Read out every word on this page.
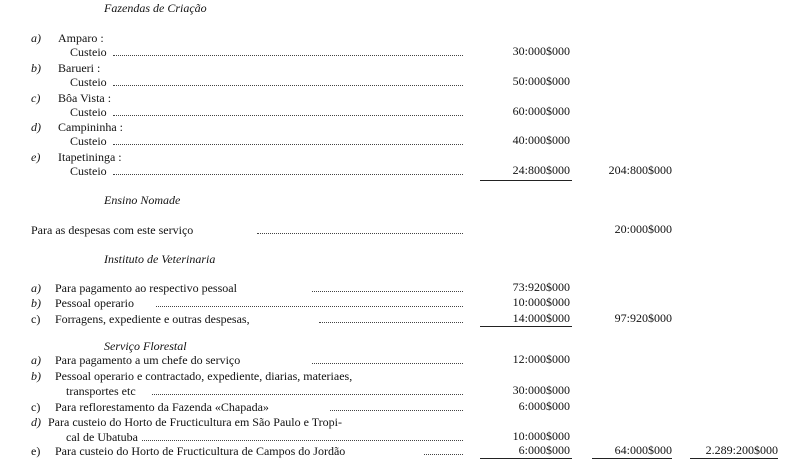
Fazendas de Criação
a) Amparo :
Custeio	30:000$000
b) Barueri :
Custeio	50:000$000
c) Bôa Vista :
Custeio	60:000$000
d) Campininha :
Custeio	40:000$000
e) Itapetininga :
Custeio	24:800$000	204:800$000
Ensino Nomade
Para as despesas com este serviço	20:000$000
Instituto de Veterinaria
a) Para pagamento ao respectivo pessoal	73:920$000
b) Pessoal operario	10:000$000
c) Forragens, expediente e outras despesas,	14:000$000	97:920$000
Serviço Florestal
a) Para pagamento a um chefe do serviço	12:000$000
b) Pessoal operario e contractado, expediente, diarias, materiaes,
transportes etc	30:000$000
c) Para reflorestamento da Fazenda «Chapada»	6:000$000
d) Para custeio do Horto de Fructicultura em São Paulo e Tropi-
cal de Ubatuba	10:000$000
e) Para custeio do Horto de Fructicultura de Campos do Jordão	6:000$000	64:000$000	2.289:200$000
